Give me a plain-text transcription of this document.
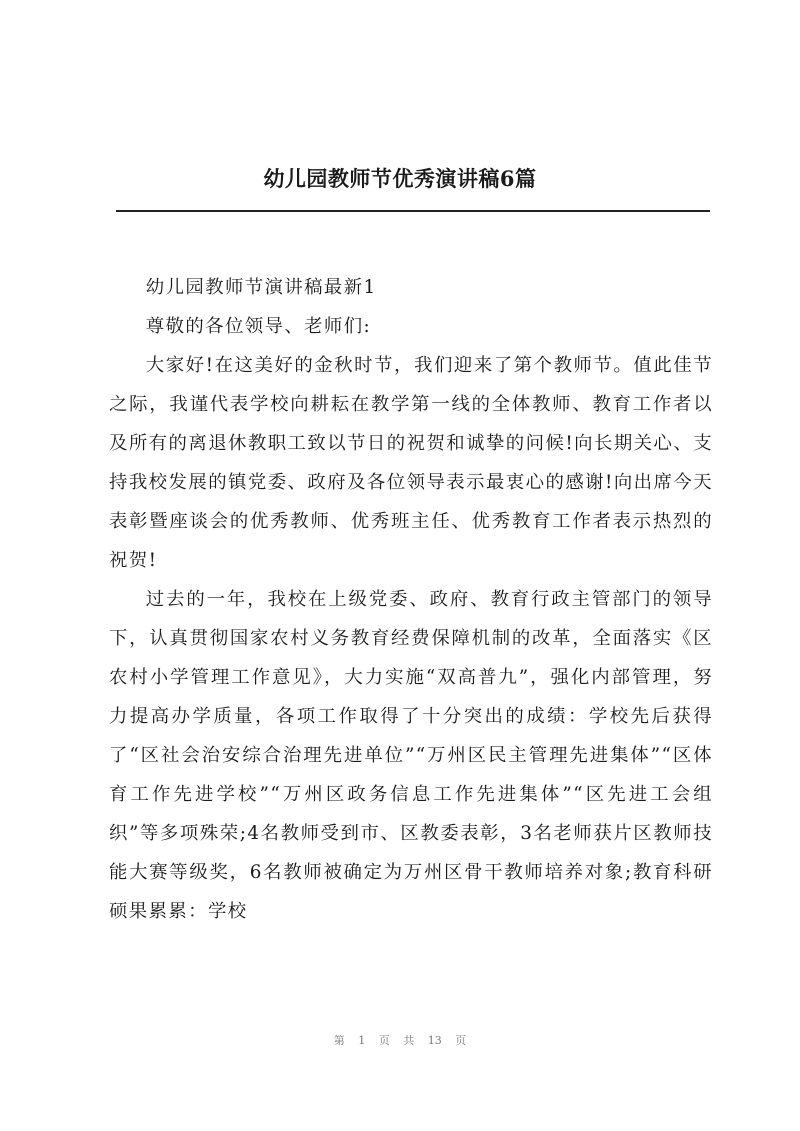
幼儿园教师节优秀演讲稿6篇

幼儿园教师节演讲稿最新1

尊敬的各位领导、老师们:

大家好!在这美好的金秋时节，我们迎来了第个教师节。值此佳节之际，我谨代表学校向耕耘在教学第一线的全体教师、教育工作者以及所有的离退休教职工致以节日的祝贺和诚挚的问候!向长期关心、支持我校发展的镇党委、政府及各位领导表示最衷心的感谢!向出席今天表彰暨座谈会的优秀教师、优秀班主任、优秀教育工作者表示热烈的祝贺!

过去的一年，我校在上级党委、政府、教育行政主管部门的领导下，认真贯彻国家农村义务教育经费保障机制的改革，全面落实《区农村小学管理工作意见》，大力实施“双高普九”，强化内部管理，努力提高办学质量，各项工作取得了十分突出的成绩：学校先后获得了“区社会治安综合治理先进单位”“万州区民主管理先进集体”“区体育工作先进学校”“万州区政务信息工作先进集体”“区先进工会组织”等多项殊荣;4名教师受到市、区教委表彰，3名老师获片区教师技能大赛等级奖，6名教师被确定为万州区骨干教师培养对象;教育科研硕果累累：学校

第 1 页 共 13 页
